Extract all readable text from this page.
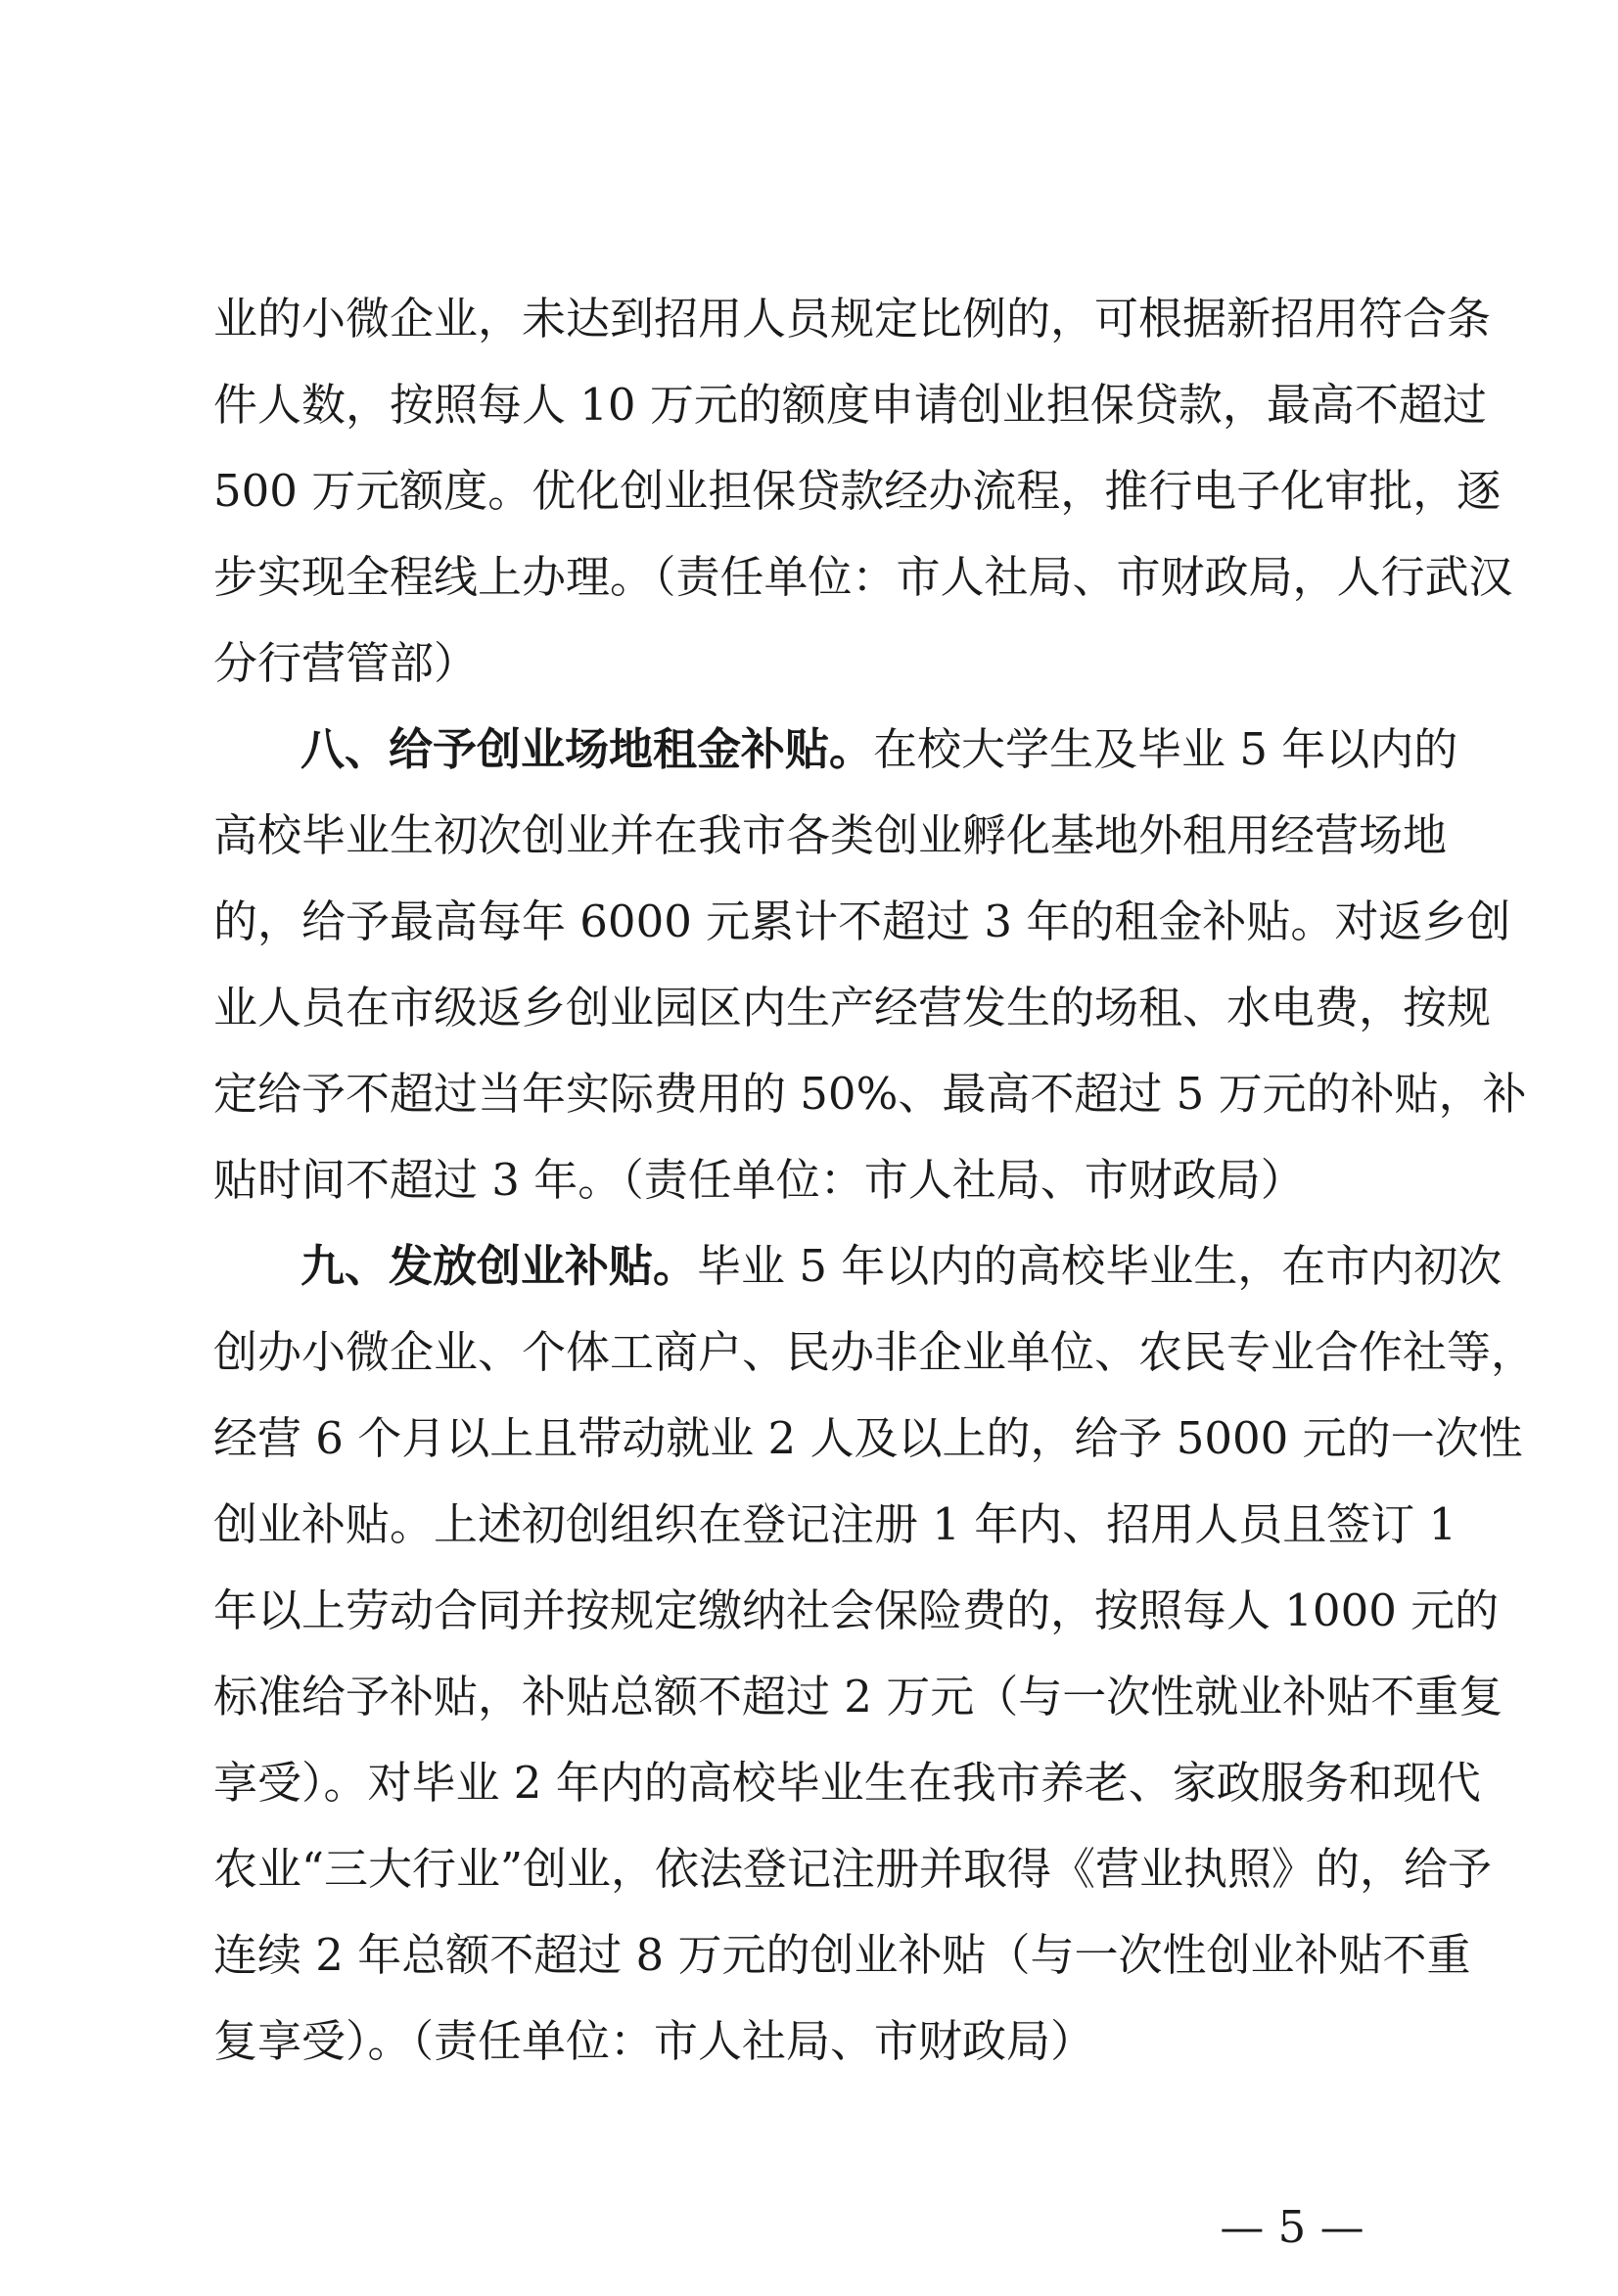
业的小微企业，未达到招用人员规定比例的，可根据新招用符合条
件人数，按照每人 10 万元的额度申请创业担保贷款，最高不超过
500 万元额度。优化创业担保贷款经办流程，推行电子化审批，逐
步实现全程线上办理。（责任单位：市人社局、市财政局，人行武汉
分行营管部）
八、给予创业场地租金补贴。在校大学生及毕业 5 年以内的
高校毕业生初次创业并在我市各类创业孵化基地外租用经营场地
的，给予最高每年 6000 元累计不超过 3 年的租金补贴。对返乡创
业人员在市级返乡创业园区内生产经营发生的场租、水电费，按规
定给予不超过当年实际费用的 50%、最高不超过 5 万元的补贴，补
贴时间不超过 3 年。（责任单位：市人社局、市财政局）
九、发放创业补贴。毕业 5 年以内的高校毕业生，在市内初次
创办小微企业、个体工商户、民办非企业单位、农民专业合作社等，
经营 6 个月以上且带动就业 2 人及以上的，给予 5000 元的一次性
创业补贴。上述初创组织在登记注册 1 年内、招用人员且签订 1
年以上劳动合同并按规定缴纳社会保险费的，按照每人 1000 元的
标准给予补贴，补贴总额不超过 2 万元（与一次性就业补贴不重复
享受）。对毕业 2 年内的高校毕业生在我市养老、家政服务和现代
农业“三大行业”创业，依法登记注册并取得《营业执照》的，给予
连续 2 年总额不超过 8 万元的创业补贴（与一次性创业补贴不重
复享受）。（责任单位：市人社局、市财政局）
— 5 —
